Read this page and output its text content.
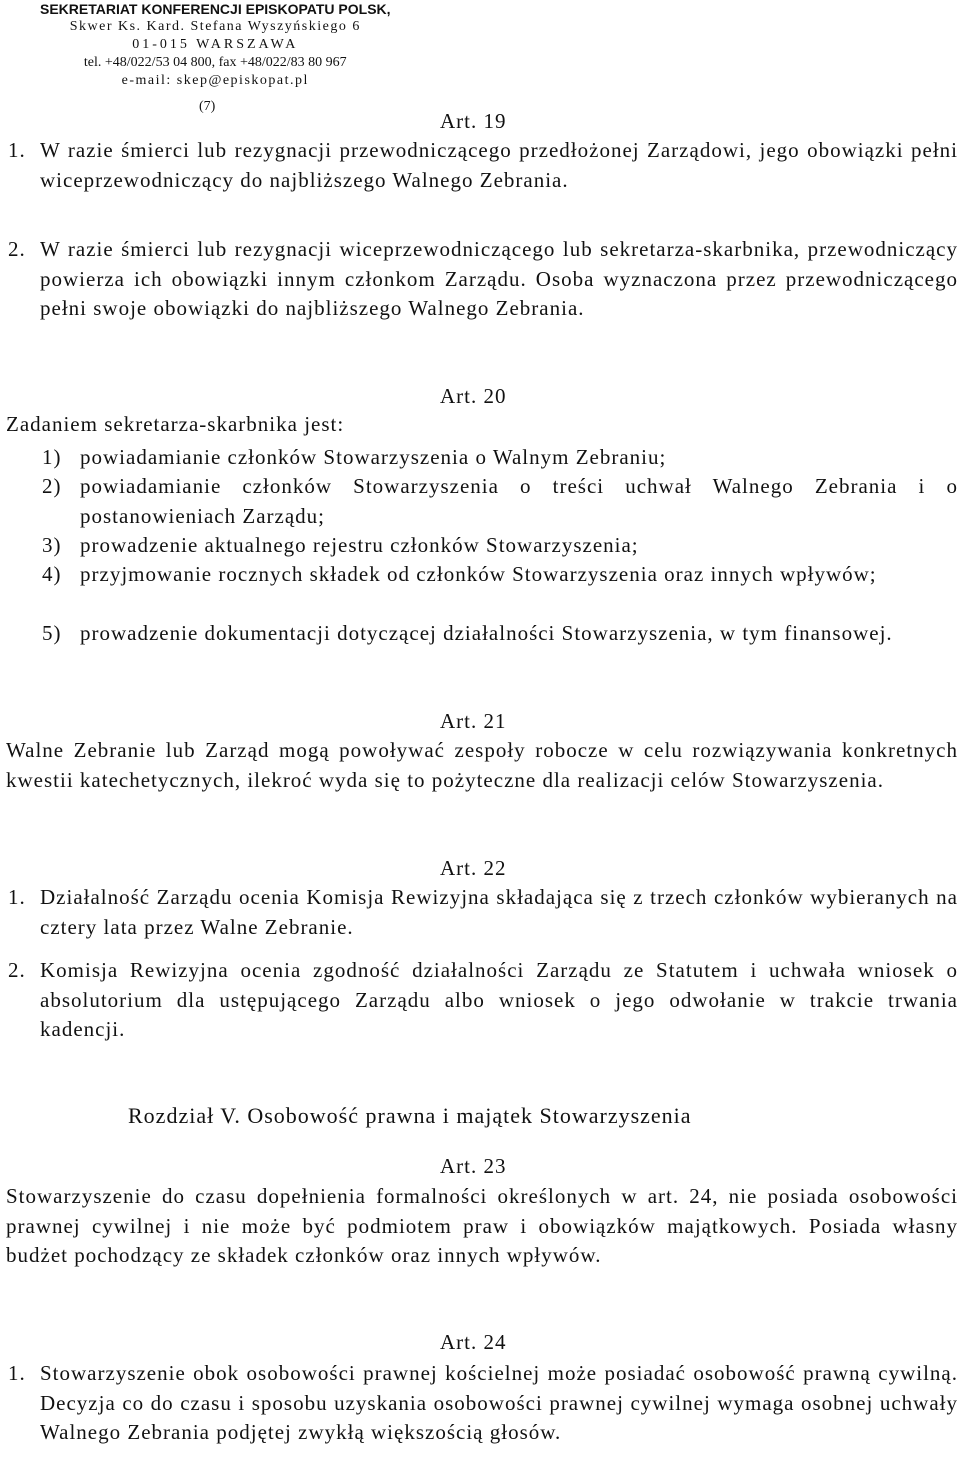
SEKRETARIAT KONFERENCJI EPISKOPATU POLSK,
Skwer Ks. Kard. Stefana Wyszyńskiego 6
01-015 WARSZAWA
tel. +48/022/53 04 800, fax +48/022/83 80 967
e-mail: skep@episkopat.pl
(7)
Art. 19
1. W razie śmierci lub rezygnacji przewodniczącego przedłożonej Zarządowi, jego obowiązki pełni wiceprzewodniczący do najbliższego Walnego Zebrania.
2. W razie śmierci lub rezygnacji wiceprzewodniczącego lub sekretarza-skarbnika, przewodniczący powierza ich obowiązki innym członkom Zarządu. Osoba wyznaczona przez przewodniczącego pełni swoje obowiązki do najbliższego Walnego Zebrania.
Art. 20
Zadaniem sekretarza-skarbnika jest:
1) powiadamianie członków Stowarzyszenia o Walnym Zebraniu;
2) powiadamianie członków Stowarzyszenia o treści uchwał Walnego Zebrania i o postanowieniach Zarządu;
3) prowadzenie aktualnego rejestru członków Stowarzyszenia;
4) przyjmowanie rocznych składek od członków Stowarzyszenia oraz innych wpływów;
5) prowadzenie dokumentacji dotyczącej działalności Stowarzyszenia, w tym finansowej.
Art. 21
Walne Zebranie lub Zarząd mogą powoływać zespoły robocze w celu rozwiązywania konkretnych kwestii katechetycznych, ilekroć wyda się to pożyteczne dla realizacji celów Stowarzyszenia.
Art. 22
1. Działalność Zarządu ocenia Komisja Rewizyjna składająca się z trzech członków wybieranych na cztery lata przez Walne Zebranie.
2. Komisja Rewizyjna ocenia zgodność działalności Zarządu ze Statutem i uchwała wniosek o absolutorium dla ustępującego Zarządu albo wniosek o jego odwołanie w trakcie trwania kadencji.
Rozdział V. Osobowość prawna i majątek Stowarzyszenia
Art. 23
Stowarzyszenie do czasu dopełnienia formalności określonych w art. 24, nie posiada osobowości prawnej cywilnej i nie może być podmiotem praw i obowiązków majątkowych. Posiada własny budżet pochodzący ze składek członków oraz innych wpływów.
Art. 24
1. Stowarzyszenie obok osobowości prawnej kościelnej może posiadać osobowość prawną cywilną. Decyzja co do czasu i sposobu uzyskania osobowości prawnej cywilnej wymaga osobnej uchwały Walnego Zebrania podjętej zwykłą większością głosów.
